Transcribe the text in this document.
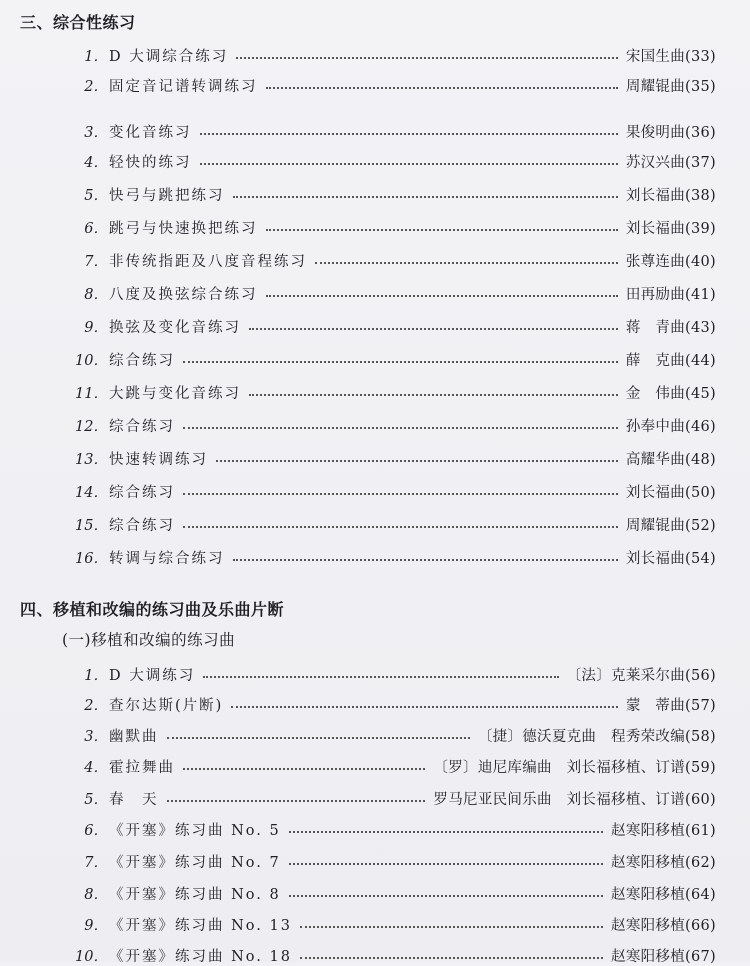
三、综合性练习
1． D 大调综合练习	宋国生曲(33)
2． 固定音记谱转调练习	周耀锟曲(35)
3． 变化音练习	果俊明曲(36)
4． 轻快的练习	苏汉兴曲(37)
5． 快弓与跳把练习	刘长福曲(38)
6． 跳弓与快速换把练习	刘长福曲(39)
7． 非传统指距及八度音程练习	张尊连曲(40)
8． 八度及换弦综合练习	田再励曲(41)
9． 换弦及变化音练习	蒋　青曲(43)
10． 综合练习	薛　克曲(44)
11． 大跳与变化音练习	金　伟曲(45)
12． 综合练习	孙奉中曲(46)
13． 快速转调练习	高耀华曲(48)
14． 综合练习	刘长福曲(50)
15． 综合练习	周耀锟曲(52)
16． 转调与综合练习	刘长福曲(54)
四、移植和改编的练习曲及乐曲片断
(一)移植和改编的练习曲
1． D 大调练习	〔法〕克莱采尔曲(56)
2． 查尔达斯(片断)	蒙　蒂曲(57)
3． 幽默曲	〔捷〕德沃夏克曲　程秀荣改编(58)
4． 霍拉舞曲	〔罗〕迪尼库编曲　刘长福移植、订谱(59)
5． 春　天	罗马尼亚民间乐曲　刘长福移植、订谱(60)
6． 《开塞》练习曲 No. 5	赵寒阳移植(61)
7． 《开塞》练习曲 No. 7	赵寒阳移植(62)
8． 《开塞》练习曲 No. 8	赵寒阳移植(64)
9． 《开塞》练习曲 No. 13	赵寒阳移植(66)
10． 《开塞》练习曲 No. 18	赵寒阳移植(67)
